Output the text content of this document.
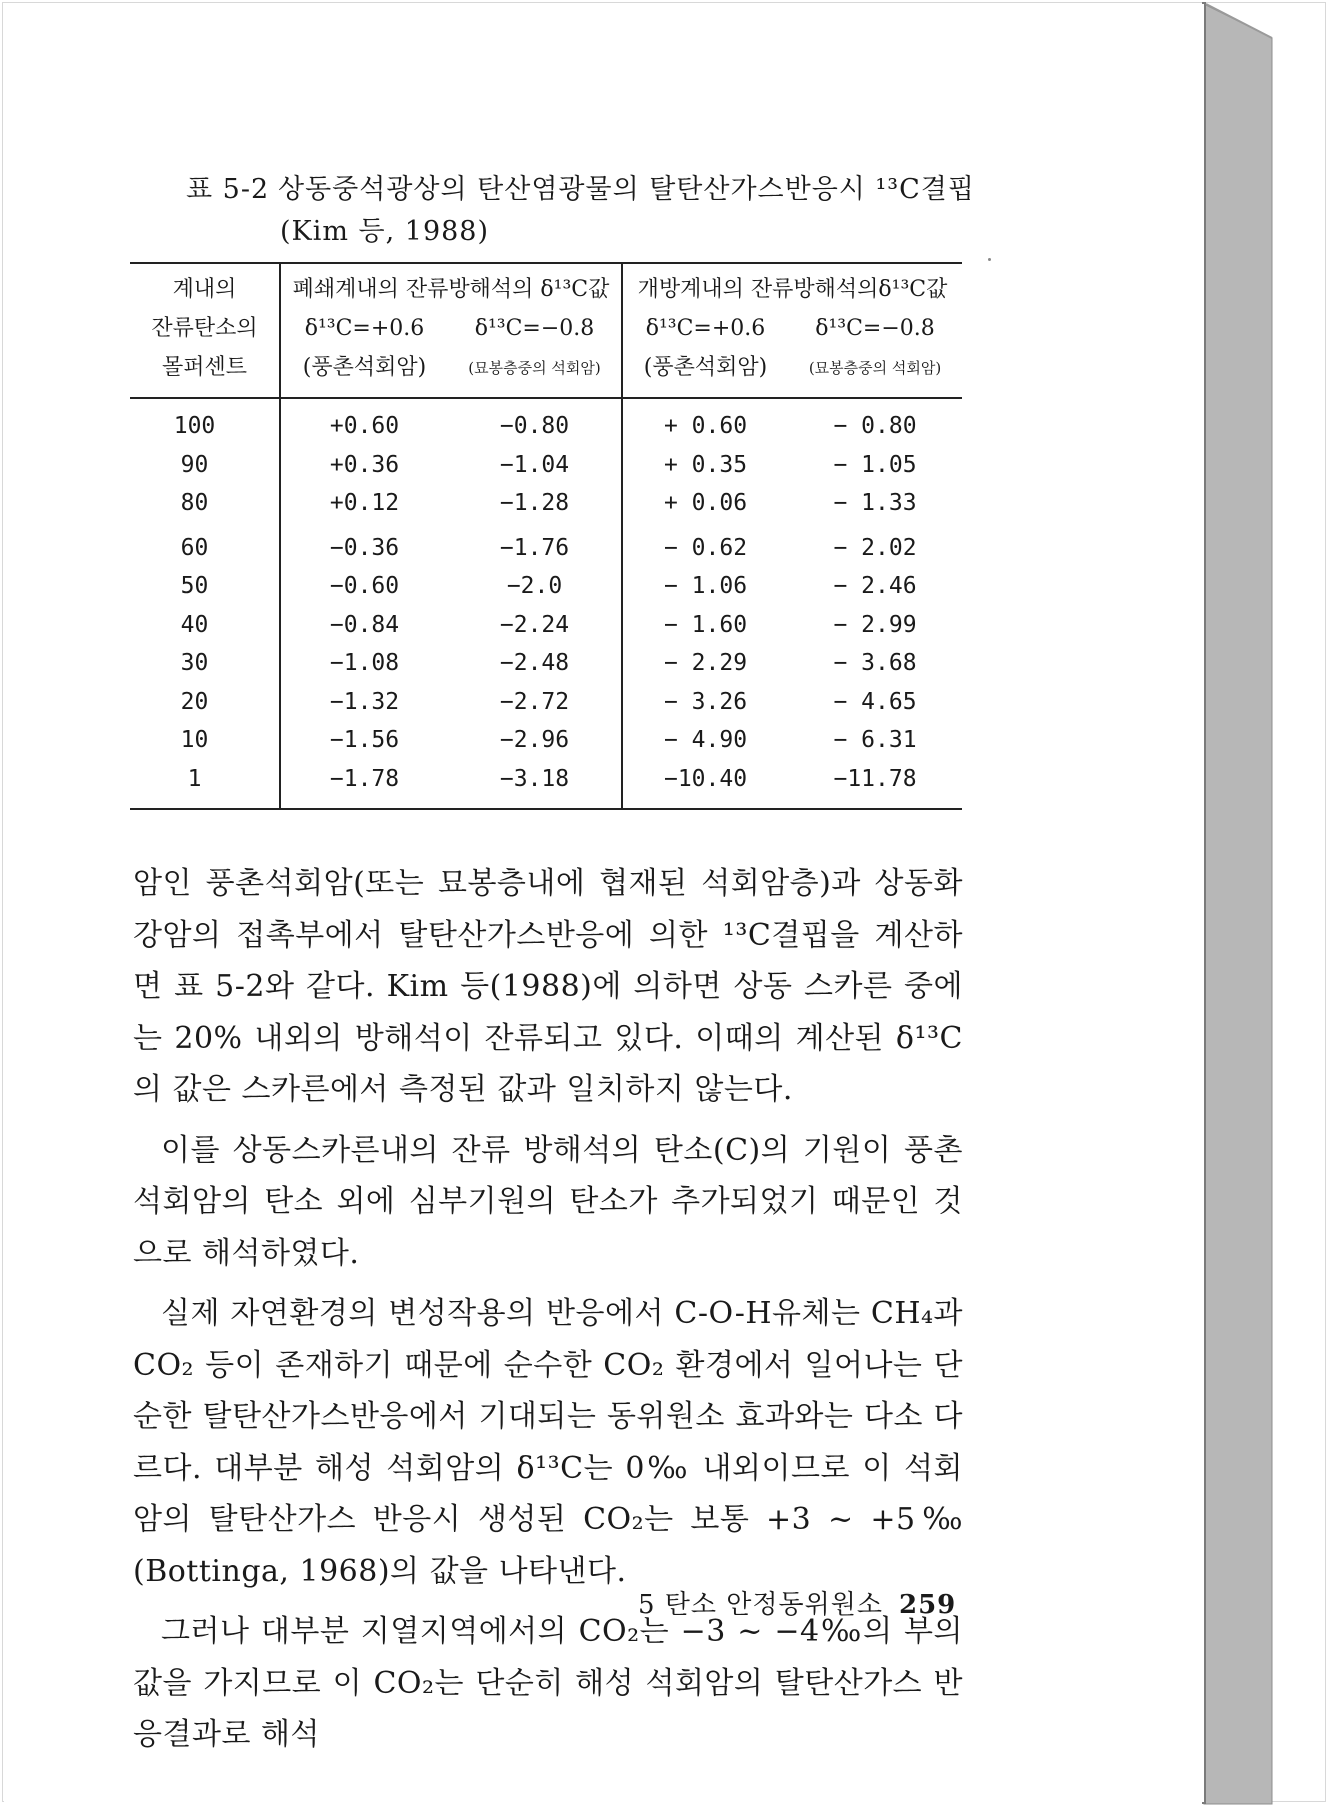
표 5-2 상동중석광상의 탄산염광물의 탈탄산가스반응시 ¹³C결핍
(Kim 등, 1988)
계내의	폐쇄계내의 잔류방해석의 δ¹³C값		개방계내의 잔류방해석의δ¹³C값	
잔류탄소의	δ¹³C=+0.6	δ¹³C=−0.8	δ¹³C=+0.6	δ¹³C=−0.8
몰퍼센트	(풍촌석회암)	(묘봉층중의 석회암)	(풍촌석회암)	(묘봉층중의 석회암)
100	+0.60	−0.80	+ 0.60	− 0.80
90	+0.36	−1.04	+ 0.35	− 1.05
80	+0.12	−1.28	+ 0.06	− 1.33
60	−0.36	−1.76	− 0.62	− 2.02
50	−0.60	−2.0	− 1.06	− 2.46
40	−0.84	−2.24	− 1.60	− 2.99
30	−1.08	−2.48	− 2.29	− 3.68
20	−1.32	−2.72	− 3.26	− 4.65
10	−1.56	−2.96	− 4.90	− 6.31
1	−1.78	−3.18	−10.40	−11.78

암인 풍촌석회암(또는 묘봉층내에 협재된 석회암층)과 상동화강암의 접촉부에서 탈탄산가스반응에 의한 ¹³C결핍을 계산하면 표 5-2와 같다. Kim 등(1988)에 의하면 상동 스카른 중에는 20% 내외의 방해석이 잔류되고 있다. 이때의 계산된 δ¹³C의 값은 스카른에서 측정된 값과 일치하지 않는다.

이를 상동스카른내의 잔류 방해석의 탄소(C)의 기원이 풍촌석회암의 탄소 외에 심부기원의 탄소가 추가되었기 때문인 것으로 해석하였다.

실제 자연환경의 변성작용의 반응에서 C-O-H유체는 CH₄과 CO₂ 등이 존재하기 때문에 순수한 CO₂ 환경에서 일어나는 단순한 탈탄산가스반응에서 기대되는 동위원소 효과와는 다소 다르다. 대부분 해성 석회암의 δ¹³C는 0‰ 내외이므로 이 석회암의 탈탄산가스 반응시 생성된 CO₂는 보통 +3 ~ +5‰(Bottinga, 1968)의 값을 나타낸다.

그러나 대부분 지열지역에서의 CO₂는 −3 ~ −4‰의 부의 값을 가지므로 이 CO₂는 단순히 해성 석회암의 탈탄산가스 반응결과로 해석

5 탄소 안정동위원소 259
